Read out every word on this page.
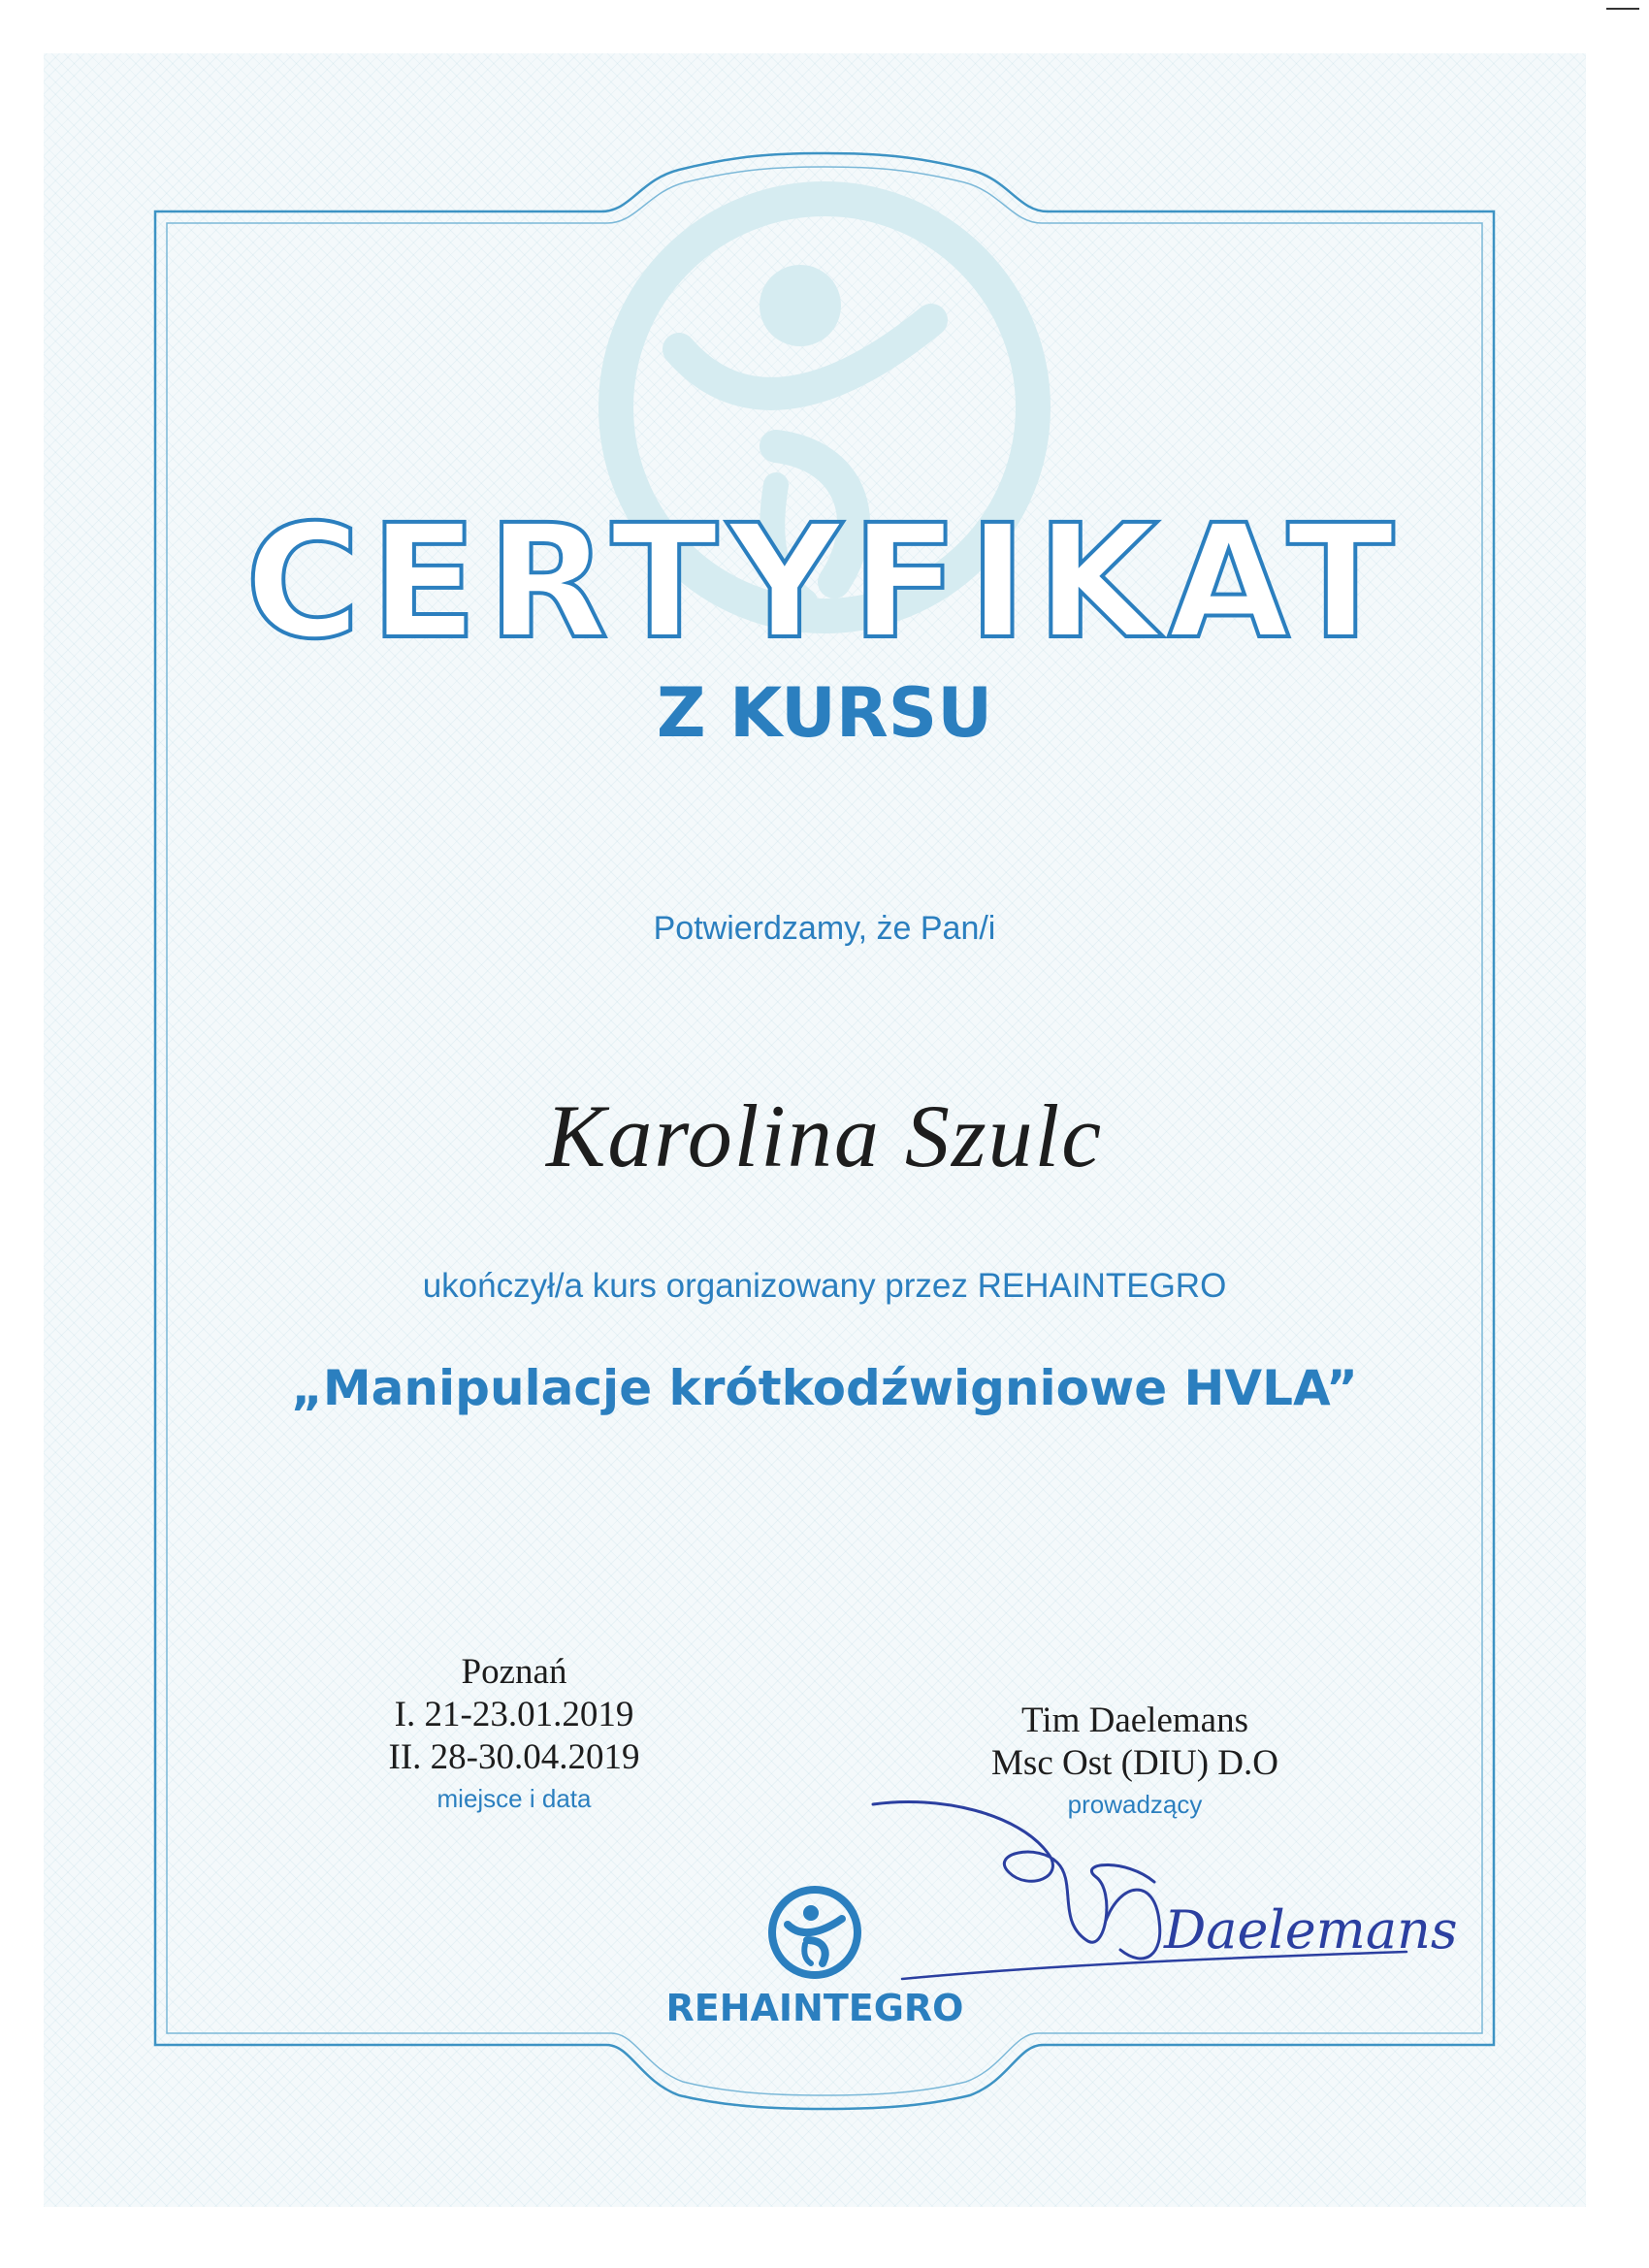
CERTYFIKAT
Z KURSU
Potwierdzamy, że Pan/i
Karolina Szulc
ukończył/a kurs organizowany przez REHAINTEGRO
„Manipulacje krótkodźwigniowe HVLA”
Poznań
I. 21-23.01.2019
II. 28-30.04.2019
miejsce i data
Tim Daelemans
Msc Ost (DIU) D.O
prowadzący
Daelemans
REHAINTEGRO
